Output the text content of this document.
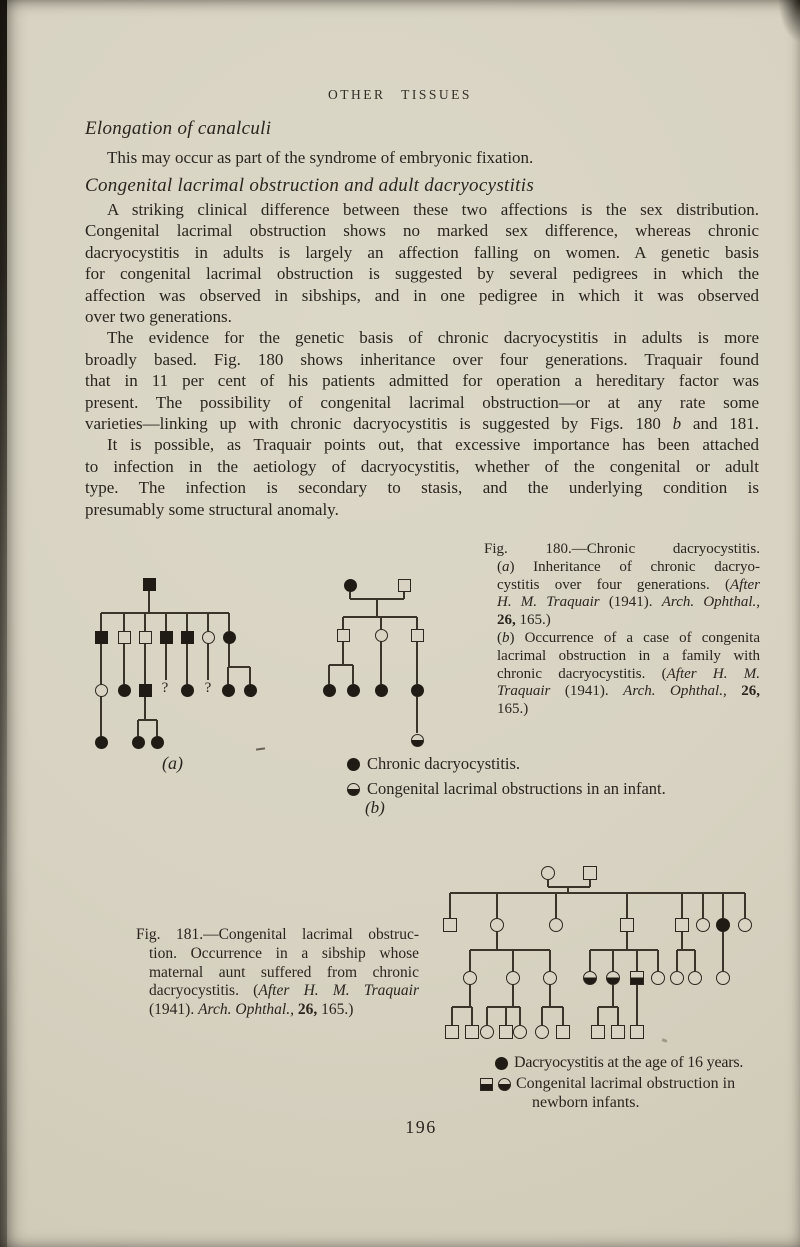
OTHER TISSUES
Elongation of canalculi
This may occur as part of the syndrome of embryonic fixation.
Congenital lacrimal obstruction and adult dacryocystitis
A striking clinical difference between these two affections is the sex distribution.
Congenital lacrimal obstruction shows no marked sex difference, whereas chronic
dacryocystitis in adults is largely an affection falling on women. A genetic basis
for congenital lacrimal obstruction is suggested by several pedigrees in which the
affection was observed in sibships, and in one pedigree in which it was observed
over two generations.
The evidence for the genetic basis of chronic dacryocystitis in adults is more
broadly based. Fig. 180 shows inheritance over four generations. Traquair found
that in 11 per cent of his patients admitted for operation a hereditary factor was
present. The possibility of congenital lacrimal obstruction—or at any rate some
varieties—linking up with chronic dacryocystitis is suggested by Figs. 180 b and 181.
It is possible, as Traquair points out, that excessive importance has been attached
to infection in the aetiology of dacryocystitis, whether of the congenital or adult
type. The infection is secondary to stasis, and the underlying condition is
presumably some structural anomaly.
Fig. 180.—Chronic dacryocystitis.
(a) Inheritance of chronic dacryo-
cystitis over four generations. (After
H. M. Traquair (1941). Arch. Ophthal.,
26, 165.)
(b) Occurrence of a case of congenita
lacrimal obstruction in a family with
chronic dacryocystitis. (After H. M.
Traquair (1941). Arch. Ophthal., 26,
165.)
? ?
(a)	Chronic dacryocystitis.
Congenital lacrimal obstructions in an infant.
(b)
Fig. 181.—Congenital lacrimal obstruc-
tion. Occurrence in a sibship whose
maternal aunt suffered from chronic
dacryocystitis. (After H. M. Traquair
(1941). Arch. Ophthal., 26, 165.)
Dacryocystitis at the age of 16 years.
Congenital lacrimal obstruction in
newborn infants.
196
